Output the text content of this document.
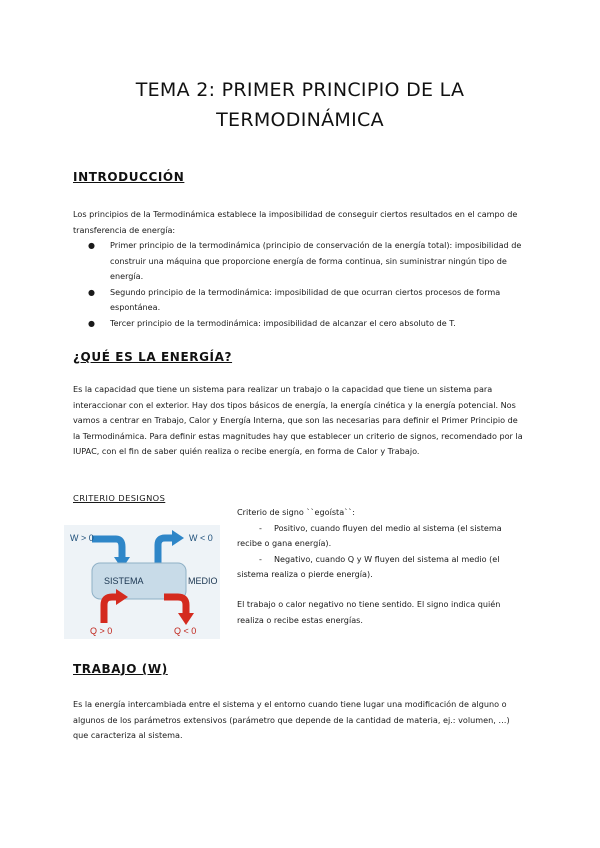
TEMA 2: PRIMER PRINCIPIO DE LA
TERMODINÁMICA
INTRODUCCIÓN
Los principios de la Termodinámica establece la imposibilidad de conseguir ciertos resultados en el campo de transferencia de energía:
● Primer principio de la termodinámica (principio de conservación de la energía total): imposibilidad de construir una máquina que proporcione energía de forma continua, sin suministrar ningún tipo de energía.
● Segundo principio de la termodinámica: imposibilidad de que ocurran ciertos procesos de forma espontánea.
● Tercer principio de la termodinámica: imposibilidad de alcanzar el cero absoluto de T.
¿QUÉ ES LA ENERGÍA?
Es la capacidad que tiene un sistema para realizar un trabajo o la capacidad que tiene un sistema para interaccionar con el exterior. Hay dos tipos básicos de energía, la energía cinética y la energía potencial. Nos vamos a centrar en Trabajo, Calor y Energía Interna, que son las necesarias para definir el Primer Principio de la Termodinámica. Para definir estas magnitudes hay que establecer un criterio de signos, recomendado por la IUPAC, con el fin de saber quién realiza o recibe energía, en forma de Calor y Trabajo.
CRITERIO DESIGNOS
W > 0	W < 0
SISTEMA	MEDIO
Q > 0	Q < 0
Criterio de signo ``egoísta``:
-	Positivo, cuando fluyen del medio al sistema (el sistema recibe o gana energía).
-	Negativo, cuando Q y W fluyen del sistema al medio (el sistema realiza o pierde energía).
El trabajo o calor negativo no tiene sentido. El signo indica quién realiza o recibe estas energías.
TRABAJO (W)
Es la energía intercambiada entre el sistema y el entorno cuando tiene lugar una modificación de alguno o algunos de los parámetros extensivos (parámetro que depende de la cantidad de materia, ej.: volumen, …) que caracteriza al sistema.
